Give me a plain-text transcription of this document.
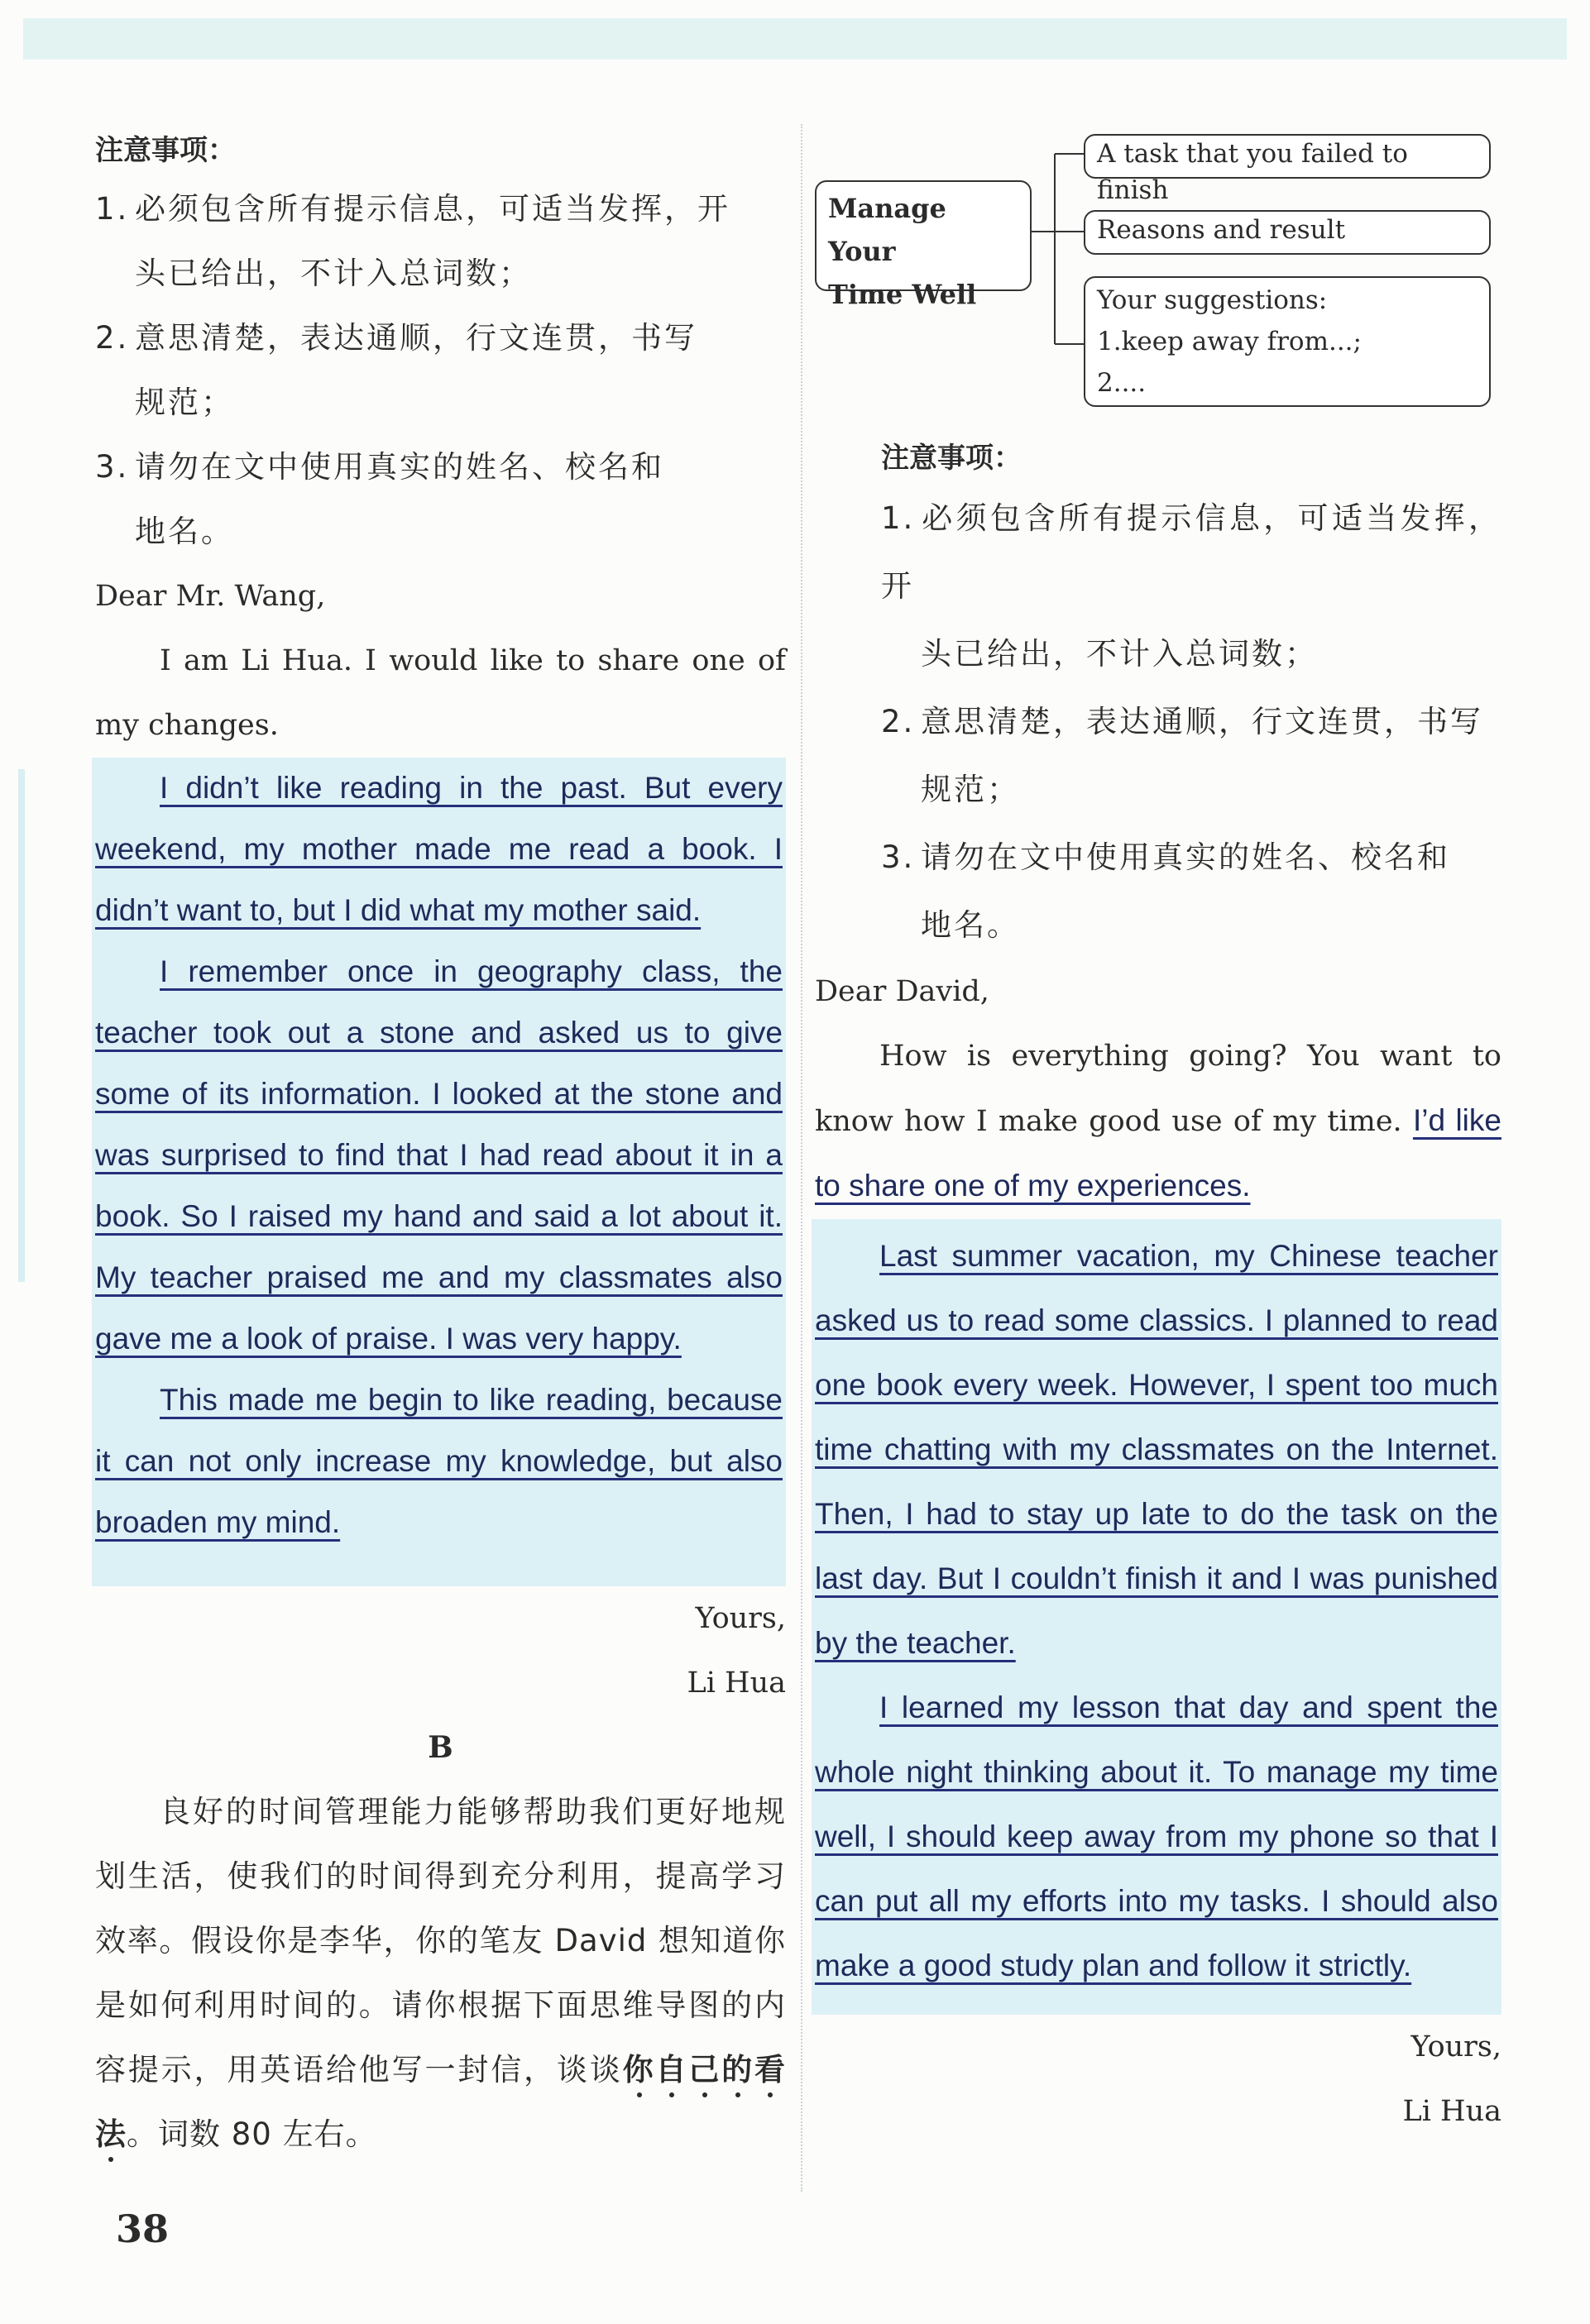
注意事项：
1. 必须包含所有提示信息，可适当发挥，开
头已给出，不计入总词数；
2. 意思清楚，表达通顺，行文连贯，书写
规范；
3. 请勿在文中使用真实的姓名、校名和
地名。
Dear Mr. Wang,
I am Li Hua. I would like to share one of my changes.

I didn’t like reading in the past. But every weekend, my mother made me read a book. I didn’t want to, but I did what my mother said.

I remember once in geography class, the teacher took out a stone and asked us to give some of its information. I looked at the stone and was surprised to find that I had read about it in a book. So I raised my hand and said a lot about it. My teacher praised me and my classmates also gave me a look of praise. I was very happy.

This made me begin to like reading, because it can not only increase my knowledge, but also broaden my mind.

Yours,
Li Hua
B
良好的时间管理能力能够帮助我们更好地规划生活，使我们的时间得到充分利用，提高学习效率。假设你是李华，你的笔友 David 想知道你是如何利用时间的。请你根据下面思维导图的内容提示，用英语给他写一封信，谈谈你自己的看法。词数 80 左右。
Manage Your
Time Well
A task that you failed to finish
Reasons and result
Your suggestions:
1.keep away from...;
2....
注意事项：
1. 必须包含所有提示信息，可适当发挥，开
头已给出，不计入总词数；
2. 意思清楚，表达通顺，行文连贯，书写
规范；
3. 请勿在文中使用真实的姓名、校名和
地名。
Dear David,
How is everything going? You want to know how I make good use of my time. I’d like to share one of my experiences.

Last summer vacation, my Chinese teacher asked us to read some classics. I planned to read one book every week. However, I spent too much time chatting with my classmates on the Internet. Then, I had to stay up late to do the task on the last day. But I couldn’t finish it and I was punished by the teacher.

I learned my lesson that day and spent the whole night thinking about it. To manage my time well, I should keep away from my phone so that I can put all my efforts into my tasks. I should also make a good study plan and follow it strictly.

Yours,
Li Hua
38
